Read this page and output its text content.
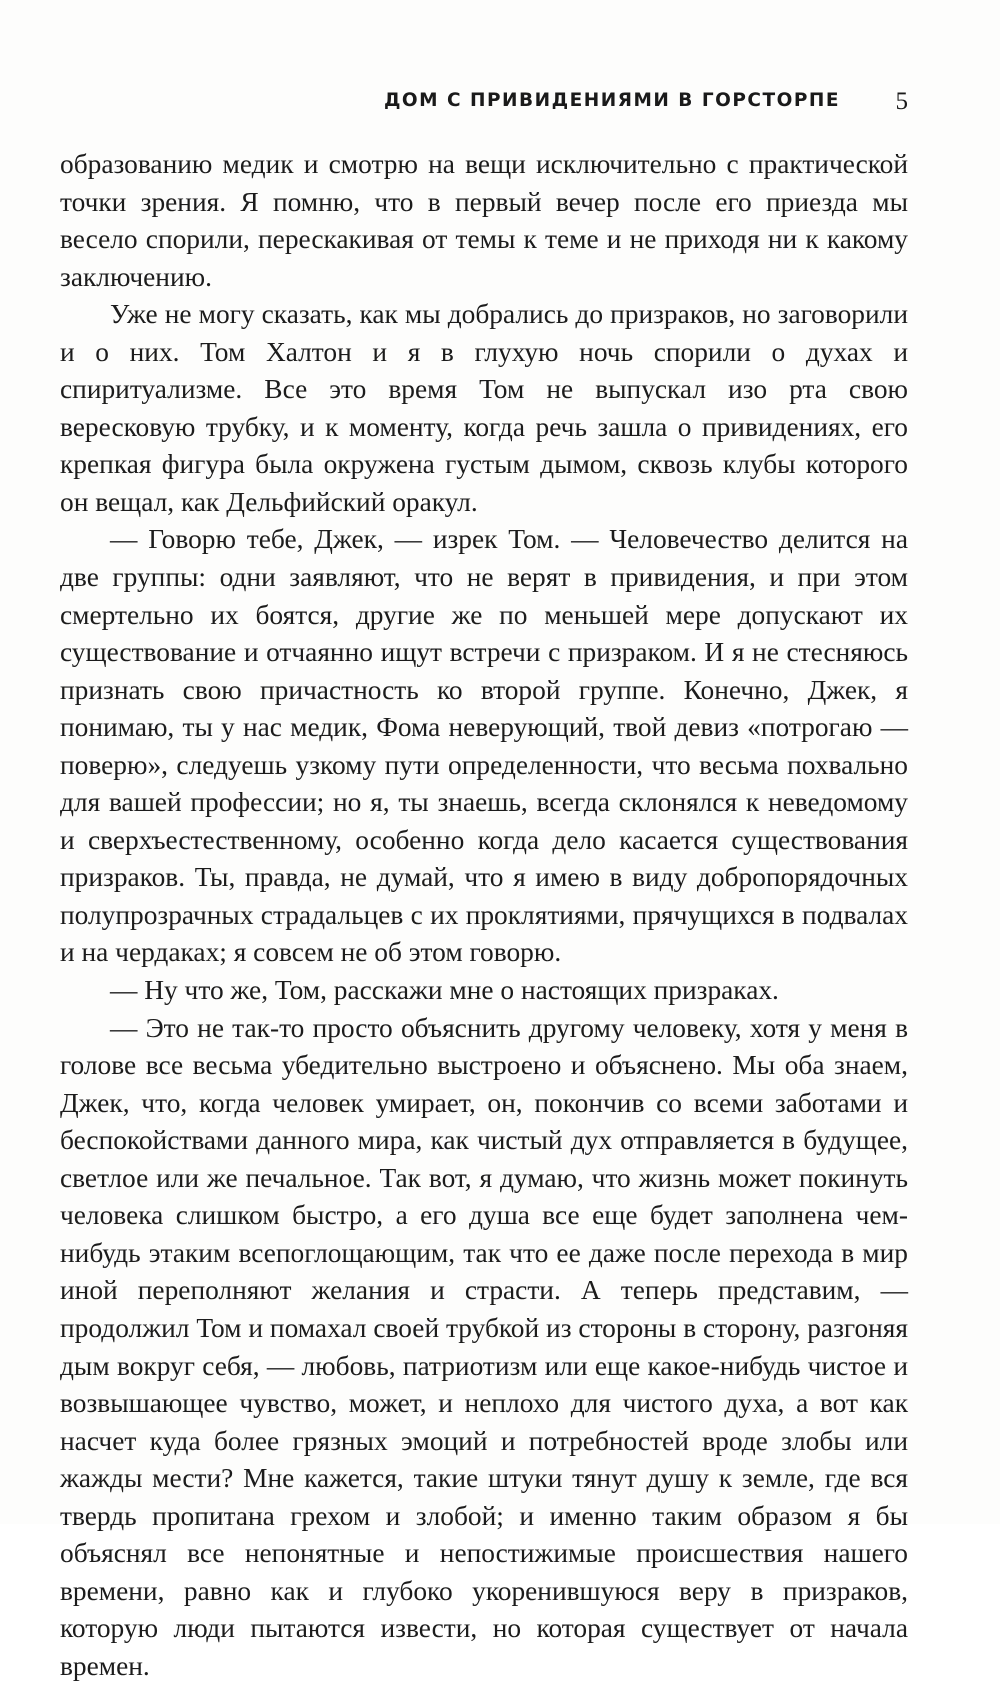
ДОМ С ПРИВИДЕНИЯМИ В ГОРСТОРПЕ 5

образованию медик и смотрю на вещи исключительно с практической точки зрения. Я помню, что в первый вечер после его приезда мы весело спорили, перескакивая от темы к теме и не приходя ни к какому заключению.

Уже не могу сказать, как мы добрались до призраков, но заговорили и о них. Том Халтон и я в глухую ночь спорили о духах и спиритуализме. Все это время Том не выпускал изо рта свою вересковую трубку, и к моменту, когда речь зашла о привидениях, его крепкая фигура была окружена густым дымом, сквозь клубы которого он вещал, как Дельфийский оракул.

— Говорю тебе, Джек, — изрек Том. — Человечество делится на две группы: одни заявляют, что не верят в привидения, и при этом смертельно их боятся, другие же по меньшей мере допускают их существование и отчаянно ищут встречи с призраком. И я не стесняюсь признать свою причастность ко второй группе. Конечно, Джек, я понимаю, ты у нас медик, Фома неверующий, твой девиз «потрогаю — поверю», следуешь узкому пути определенности, что весьма похвально для вашей профессии; но я, ты знаешь, всегда склонялся к неведомому и сверхъестественному, особенно когда дело касается существования призраков. Ты, правда, не думай, что я имею в виду добропорядочных полупрозрачных страдальцев с их проклятиями, прячущихся в подвалах и на чердаках; я совсем не об этом говорю.

— Ну что же, Том, расскажи мне о настоящих призраках.

— Это не так-то просто объяснить другому человеку, хотя у меня в голове все весьма убедительно выстроено и объяснено. Мы оба знаем, Джек, что, когда человек умирает, он, покончив со всеми заботами и беспокойствами данного мира, как чистый дух отправляется в будущее, светлое или же печальное. Так вот, я думаю, что жизнь может покинуть человека слишком быстро, а его душа все еще будет заполнена чем-нибудь этаким всепоглощающим, так что ее даже после перехода в мир иной переполняют желания и страсти. А теперь представим, — продолжил Том и помахал своей трубкой из стороны в сторону, разгоняя дым вокруг себя, — любовь, патриотизм или еще какое-нибудь чистое и возвышающее чувство, может, и неплохо для чистого духа, а вот как насчет куда более грязных эмоций и потребностей вроде злобы или жажды мести? Мне кажется, такие штуки тянут душу к земле, где вся твердь пропитана грехом и злобой; и именно таким образом я бы объяснял все непонятные и непостижимые происшествия нашего времени, равно как и глубоко укоренившуюся веру в призраков, которую люди пытаются извести, но которая существует от начала времен.
